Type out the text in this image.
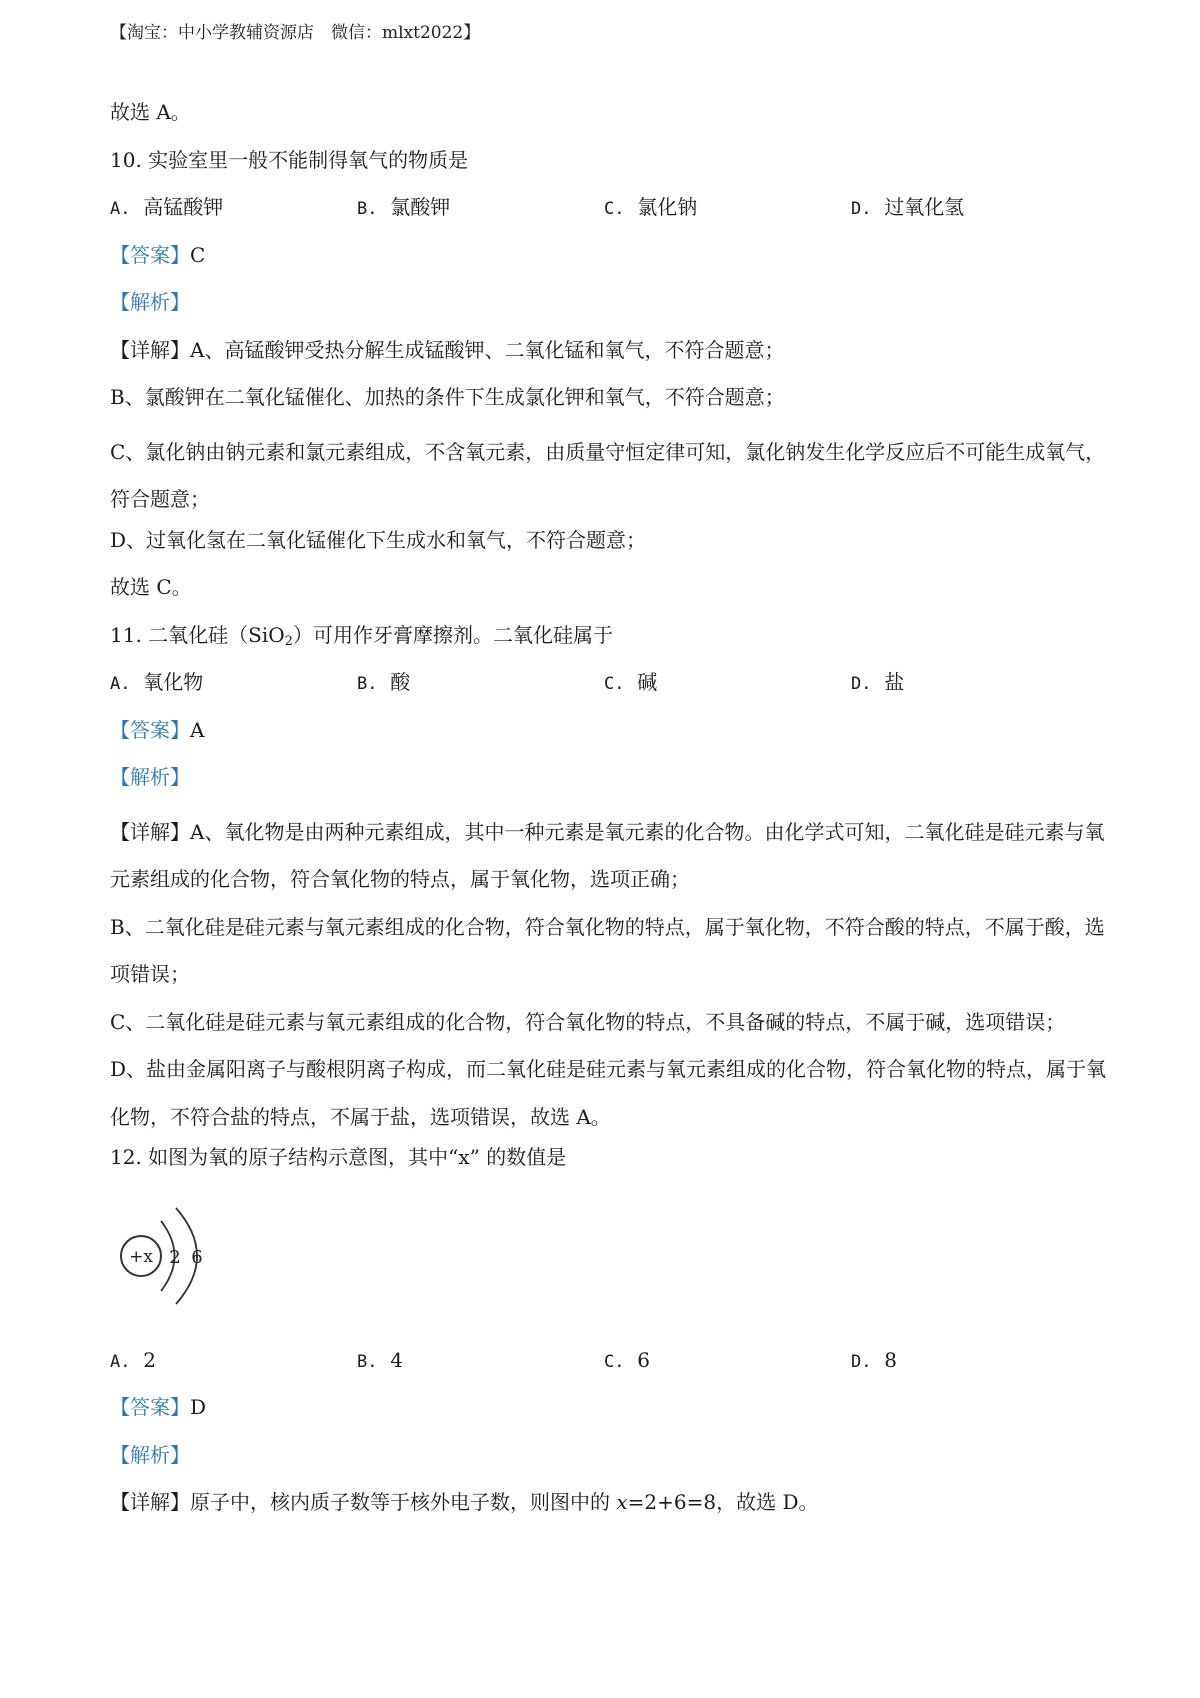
【淘宝：中小学教辅资源店　微信：mlxt2022】
故选 A。
10. 实验室里一般不能制得氧气的物质是
A. 高锰酸钾	B. 氯酸钾	C. 氯化钠	D. 过氧化氢
【答案】C
【解析】
【详解】A、高锰酸钾受热分解生成锰酸钾、二氧化锰和氧气，不符合题意；
B、氯酸钾在二氧化锰催化、加热的条件下生成氯化钾和氧气，不符合题意；

C、氯化钠由钠元素和氯元素组成，不含氧元素，由质量守恒定律可知，氯化钠发生化学反应后不可能生成氧气，符合题意；

D、过氧化氢在二氧化锰催化下生成水和氧气，不符合题意；
故选 C。
11. 二氧化硅（SiO$_2$）可用作牙膏摩擦剂。二氧化硅属于
A. 氧化物	B. 酸	C. 碱	D. 盐
【答案】A
【解析】

【详解】A、氧化物是由两种元素组成，其中一种元素是氧元素的化合物。由化学式可知，二氧化硅是硅元素与氧元素组成的化合物，符合氧化物的特点，属于氧化物，选项正确；

B、二氧化硅是硅元素与氧元素组成的化合物，符合氧化物的特点，属于氧化物，不符合酸的特点，不属于酸，选项错误；

C、二氧化硅是硅元素与氧元素组成的化合物，符合氧化物的特点，不具备碱的特点，不属于碱，选项错误；

D、盐由金属阳离子与酸根阴离子构成，而二氧化硅是硅元素与氧元素组成的化合物，符合氧化物的特点，属于氧化物，不符合盐的特点，不属于盐，选项错误，故选 A。

12. 如图为氧的原子结构示意图，其中“x” 的数值是
+x 2 6
A. 2	B. 4	C. 6	D. 8
【答案】D
【解析】
【详解】原子中，核内质子数等于核外电子数，则图中的 x=2+6=8，故选 D。
